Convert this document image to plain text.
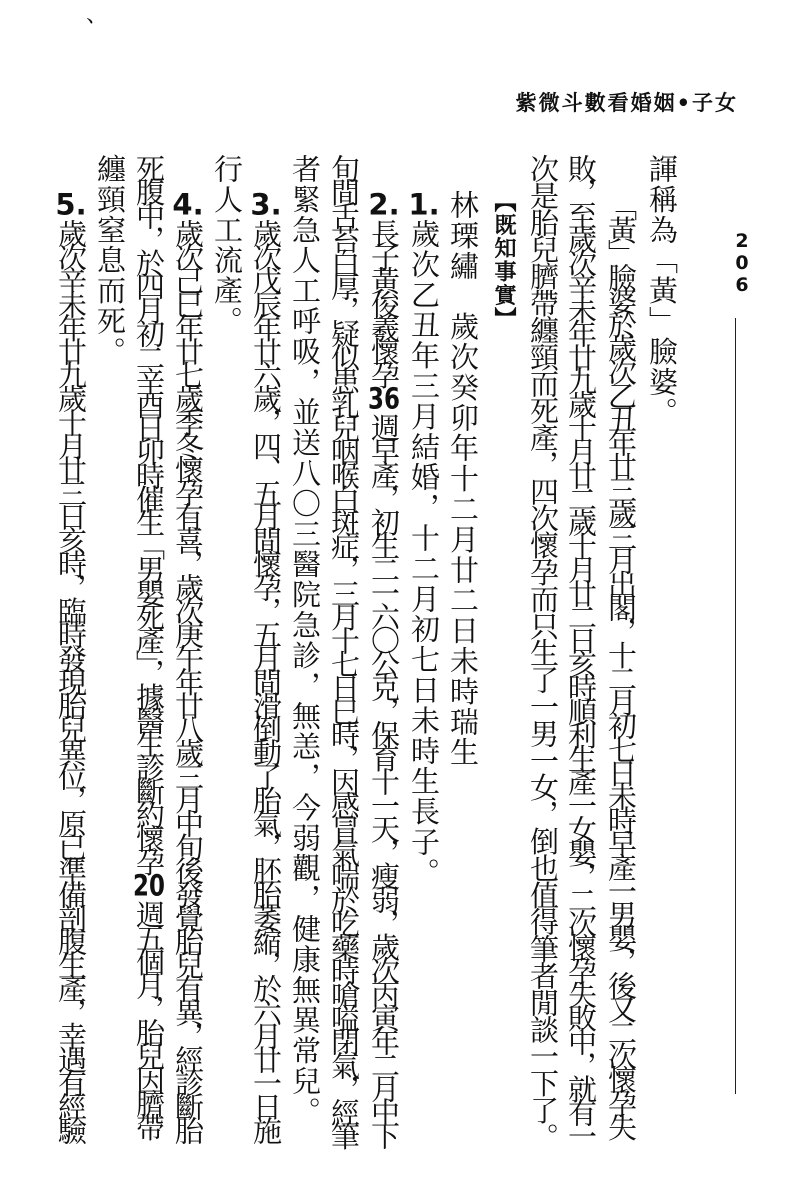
、
紫微斗數看婚姻•子女
206
諢稱為「黃」臉婆。
「黃」臉婆於歲次乙丑年廿三歲三月出閣，十二月初七日未時早產一男嬰，後又二次懷孕失
敗，至歲次辛未年廿九歲十月廿二歲十月廿二日亥時順利生產一女嬰，二次懷孕失敗中，就有一
次是胎兒臍帶纏頸而死產，四次懷孕而只生了一男一女，倒也值得筆者閒談一下了。
【既知事實】
林瑮繡　歲次癸卯年十二月廿二日未時瑞生
1.歲次乙丑年三月結婚，十二月初七日未時生長子。
2.長子黃俊羲懷孕36週早產，初生二一六〇公克，保育十一天，瘦弱，歲次丙寅年二月中下
旬間舌苔白厚，疑似患乳兒咽喉白斑症，三月十七日巳時，因感冒氣喘於吃藥時嗆嗌閉氣，經筆
者緊急人工呼吸，並送八〇三醫院急診，無恙，今弱觀，健康無異常兒。
3.歲次戊辰年廿六歲，四、五月間懷孕，五月間滑倒動了胎氣，胚胎萎縮，於六月廿一日施
行人工流產。
4.歲次己巳年廿七歲季冬懷孕有喜，歲次庚午年廿八歲三月中旬後發覺胎兒有異，經診斷胎
死腹中，於四月初二辛酉日卯時催生「男嬰死產」，據醫生診斷約懷孕20週五個月，胎兒因臍帶
纏頸窒息而死。
5.歲次辛未年廿九歲十月廿三日亥時，臨時發現胎兒異位，原已準備剖腹生產，幸遇有經驗
